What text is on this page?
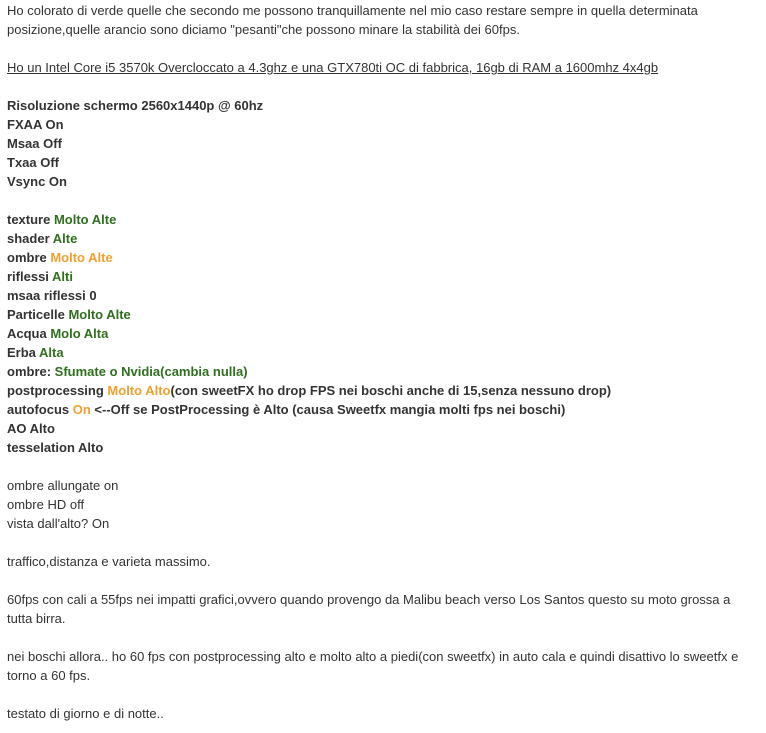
Ho colorato di verde quelle che secondo me possono tranquillamente nel mio caso restare sempre in quella determinata
posizione,quelle arancio sono diciamo "pesanti"che possono minare la stabilità dei 60fps.

Ho un Intel Core i5 3570k Overcloccato a 4.3ghz e una GTX780ti OC di fabbrica, 16gb di RAM a 1600mhz 4x4gb

Risoluzione schermo 2560x1440p @ 60hz

FXAA On

Msaa Off

Txaa Off

Vsync On

texture Molto Alte

shader Alte

ombre Molto Alte

riflessi Alti

msaa riflessi 0

Particelle Molto Alte

Acqua Molo Alta

Erba Alta

ombre: Sfumate o Nvidia(cambia nulla)

postprocessing Molto Alto(con sweetFX ho drop FPS nei boschi anche di 15,senza nessuno drop)

autofocus On <--Off se PostProcessing è Alto (causa Sweetfx mangia molti fps nei boschi)

AO Alto

tesselation Alto

ombre allungate on

ombre HD off

vista dall'alto? On

traffico,distanza e varieta massimo.

60fps con cali a 55fps nei impatti grafici,ovvero quando provengo da Malibu beach verso Los Santos questo su moto grossa a
tutta birra.

nei boschi allora.. ho 60 fps con postprocessing alto e molto alto a piedi(con sweetfx) in auto cala e quindi disattivo lo sweetfx e
torno a 60 fps.

testato di giorno e di notte..
